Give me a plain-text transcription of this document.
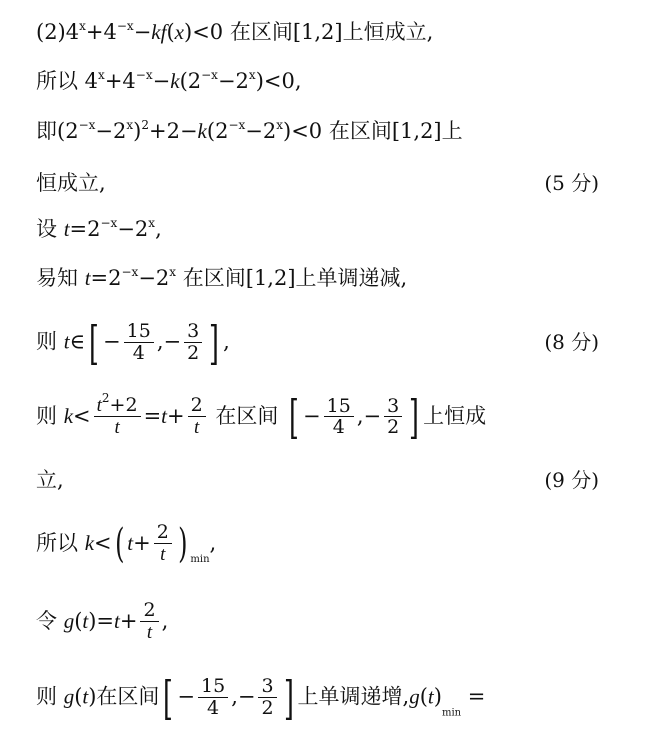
$(2)4^x+4^{-x}-kf(x)<0$ 在区间[1,2]上恒成立,
所以 $4^x+4^{-x}-k(2^{-x}-2^x)<0$,
即$(2^{-x}-2^x)^2+2-k(2^{-x}-2^x)<0$ 在区间[1,2]上
恒成立,	(5 分)
设 $t=2^{-x}-2^x$,
易知 $t=2^{-x}-2^x$ 在区间[1,2]上单调递减,
则 t∈[ − $\frac{15}{4}$ ,− $\frac{3}{2}$ ] ,	(8 分)
则 $k< \frac{t^2+2}{t} =t+ \frac{2}{t}$ 在区间 [ − $\frac{15}{4}$ ,− $\frac{3}{2}$ ] 上恒成
立,	(9 分)
所以 k<( $t+ \frac{2}{t}$ ) $_{min}$,
令 $g(t)=t+ \frac{2}{t}$ ,
则 g(t)在区间[ − $\frac{15}{4}$ ,− $\frac{3}{2}$ ] 上单调递增$,g(t)_{min}$ =
